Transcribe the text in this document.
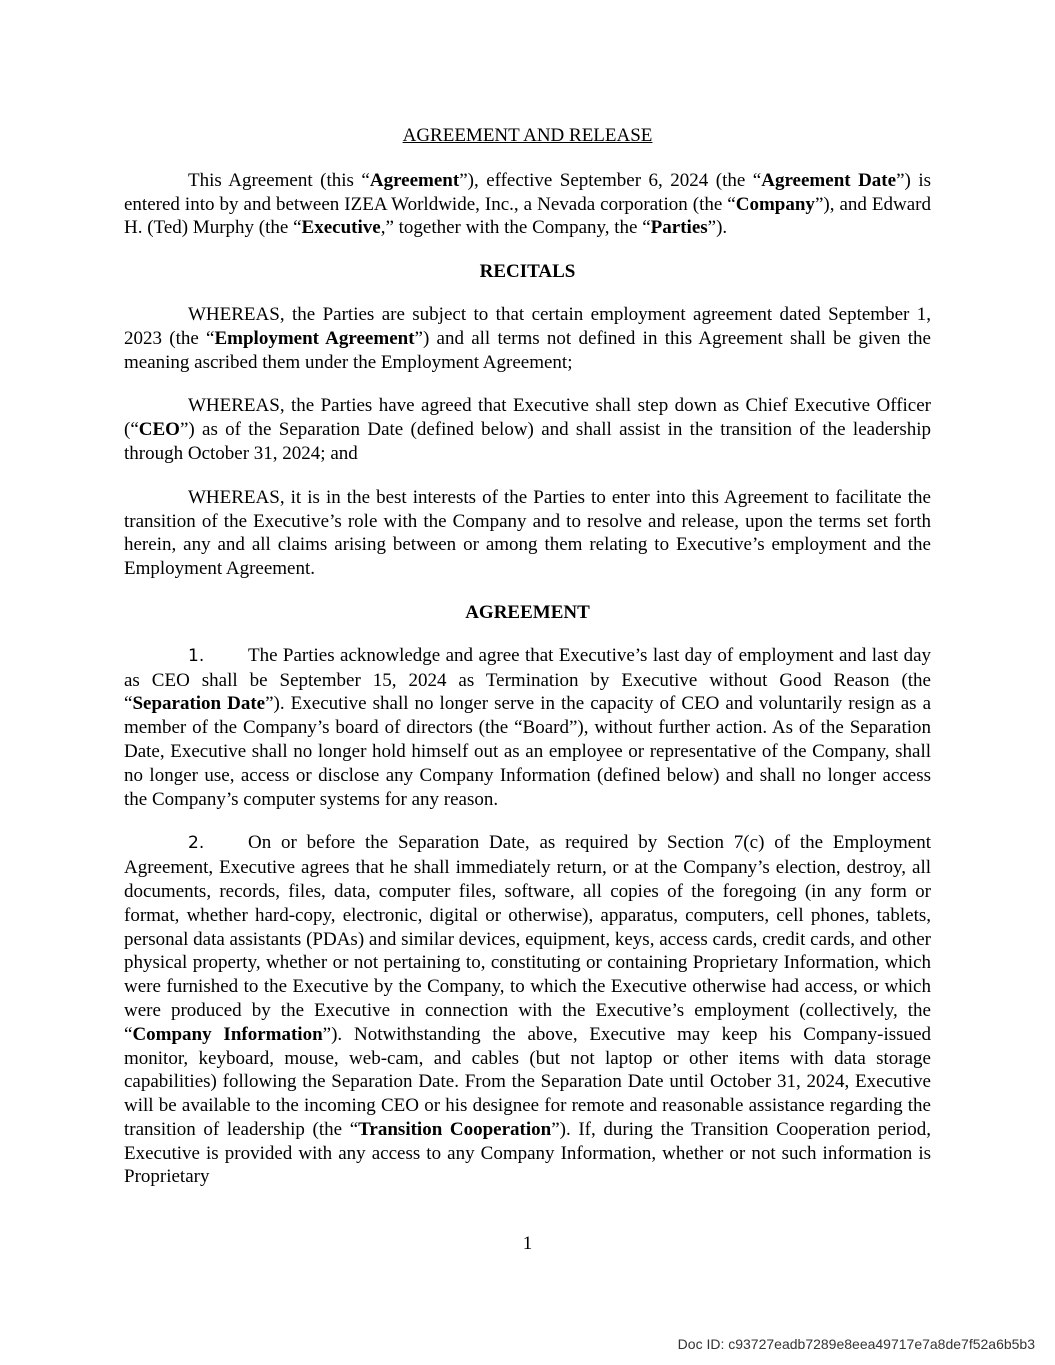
AGREEMENT AND RELEASE

This Agreement (this “Agreement”), effective September 6, 2024 (the “Agreement Date”) is entered into by and between IZEA Worldwide, Inc., a Nevada corporation (the “Company”), and Edward H. (Ted) Murphy (the “Executive,” together with the Company, the “Parties”).

RECITALS

WHEREAS, the Parties are subject to that certain employment agreement dated September 1, 2023 (the “Employment Agreement”) and all terms not defined in this Agreement shall be given the meaning ascribed them under the Employment Agreement;

WHEREAS, the Parties have agreed that Executive shall step down as Chief Executive Officer (“CEO”) as of the Separation Date (defined below) and shall assist in the transition of the leadership through October 31, 2024; and

WHEREAS, it is in the best interests of the Parties to enter into this Agreement to facilitate the transition of the Executive’s role with the Company and to resolve and release, upon the terms set forth herein, any and all claims arising between or among them relating to Executive’s employment and the Employment Agreement.

AGREEMENT

1. The Parties acknowledge and agree that Executive’s last day of employment and last day as CEO shall be September 15, 2024 as Termination by Executive without Good Reason (the “Separation Date”). Executive shall no longer serve in the capacity of CEO and voluntarily resign as a member of the Company’s board of directors (the “Board”), without further action. As of the Separation Date, Executive shall no longer hold himself out as an employee or representative of the Company, shall no longer use, access or disclose any Company Information (defined below) and shall no longer access the Company’s computer systems for any reason.

2. On or before the Separation Date, as required by Section 7(c) of the Employment Agreement, Executive agrees that he shall immediately return, or at the Company’s election, destroy, all documents, records, files, data, computer files, software, all copies of the foregoing (in any form or format, whether hard-copy, electronic, digital or otherwise), apparatus, computers, cell phones, tablets, personal data assistants (PDAs) and similar devices, equipment, keys, access cards, credit cards, and other physical property, whether or not pertaining to, constituting or containing Proprietary Information, which were furnished to the Executive by the Company, to which the Executive otherwise had access, or which were produced by the Executive in connection with the Executive’s employment (collectively, the “Company Information”). Notwithstanding the above, Executive may keep his Company-issued monitor, keyboard, mouse, web-cam, and cables (but not laptop or other items with data storage capabilities) following the Separation Date. From the Separation Date until October 31, 2024, Executive will be available to the incoming CEO or his designee for remote and reasonable assistance regarding the transition of leadership (the “Transition Cooperation”). If, during the Transition Cooperation period, Executive is provided with any access to any Company Information, whether or not such information is Proprietary

1
Doc ID: c93727eadb7289e8eea49717e7a8de7f52a6b5b3
